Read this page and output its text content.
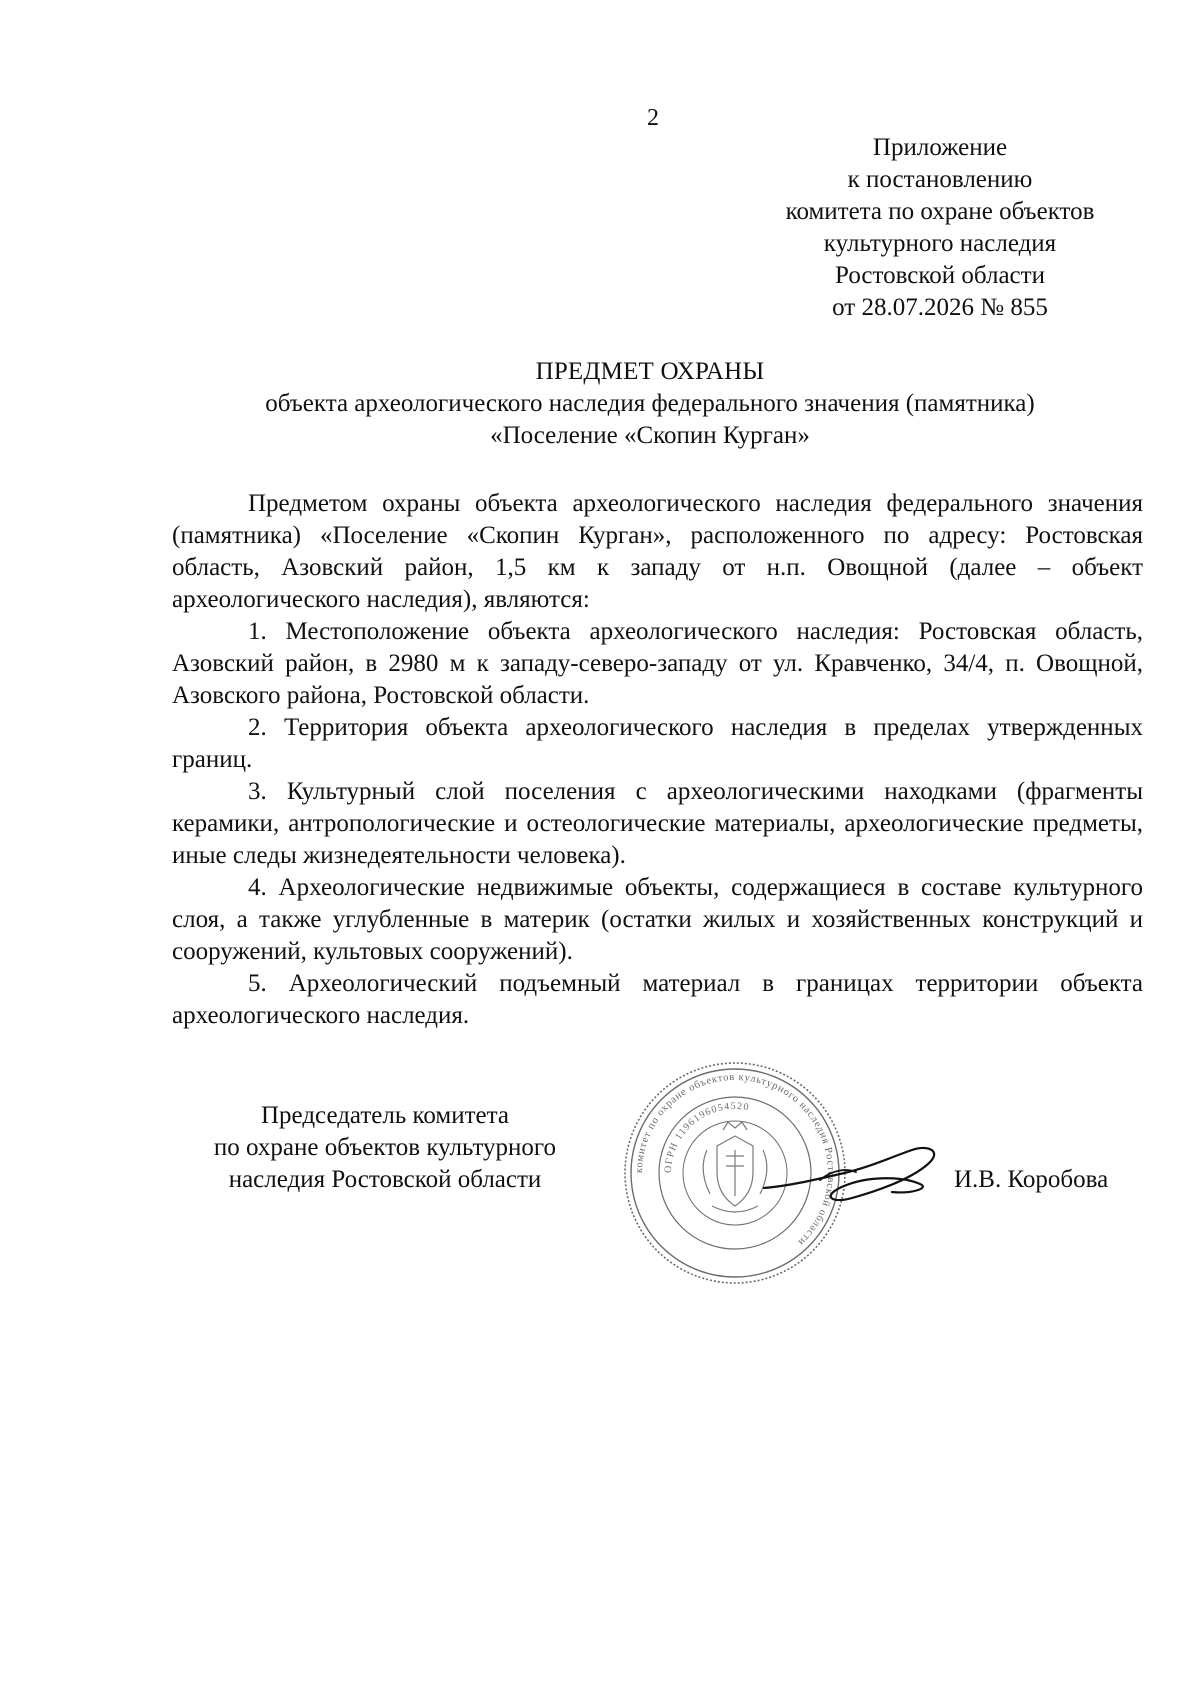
2
Приложение
к постановлению
комитета по охране объектов
культурного наследия
Ростовской области
от 28.07.2026 № 855
ПРЕДМЕТ ОХРАНЫ
объекта археологического наследия федерального значения (памятника)
«Поселение «Скопин Курган»

Предметом охраны объекта археологического наследия федерального значения (памятника) «Поселение «Скопин Курган», расположенного по адресу: Ростовская область, Азовский район, 1,5 км к западу от н.п. Овощной (далее – объект археологического наследия), являются:

1. Местоположение объекта археологического наследия: Ростовская область, Азовский район, в 2980 м к западу-северо-западу от ул. Кравченко, 34/4, п. Овощной, Азовского района, Ростовской области.

2. Территория объекта археологического наследия в пределах утвержденных границ.

3. Культурный слой поселения с археологическими находками (фрагменты керамики, антропологические и остеологические материалы, археологические предметы, иные следы жизнедеятельности человека).

4. Археологические недвижимые объекты, содержащиеся в составе культурного слоя, а также углубленные в материк (остатки жилых и хозяйственных конструкций и сооружений, культовых сооружений).

5. Археологический подъемный материал в границах территории объекта археологического наследия.

Председатель комитета
по охране объектов культурного
наследия Ростовской области	комитет по охране объектов культурного наследия Ростовской области
ОГРН 1196196054520
И.В. Коробова
